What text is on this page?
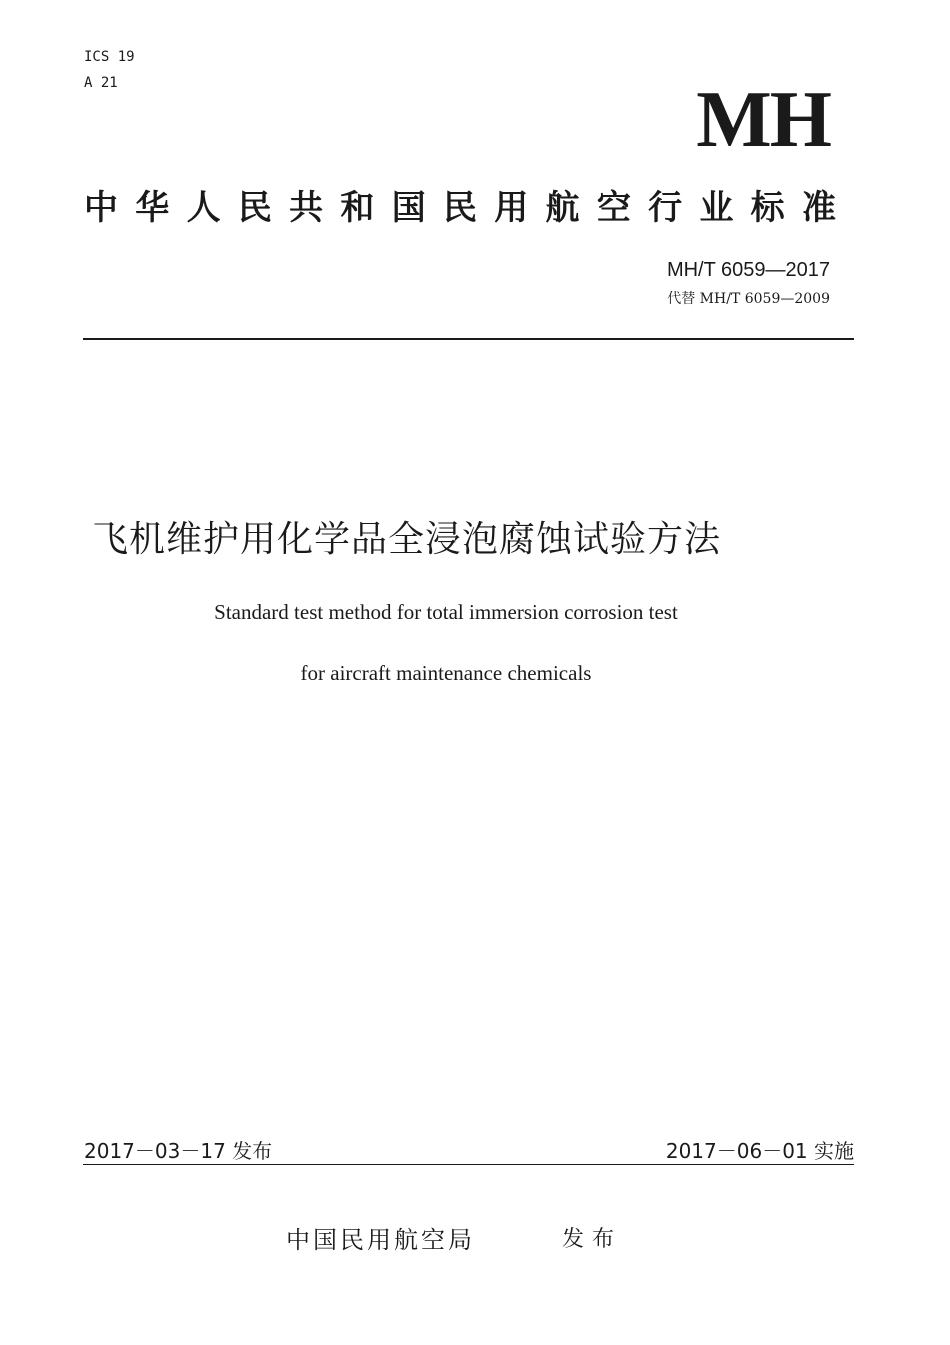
ICS 19
A 21	MH
中 华 人 民 共 和 国 民 用 航 空 行 业 标 准
MH/T 6059—2017
代替 MH/T 6059—2009
飞机维护用化学品全浸泡腐蚀试验方法
Standard test method for total immersion corrosion test
for aircraft maintenance chemicals
2017－03－17 发布	2017－06－01 实施
中国民用航空局	发布
